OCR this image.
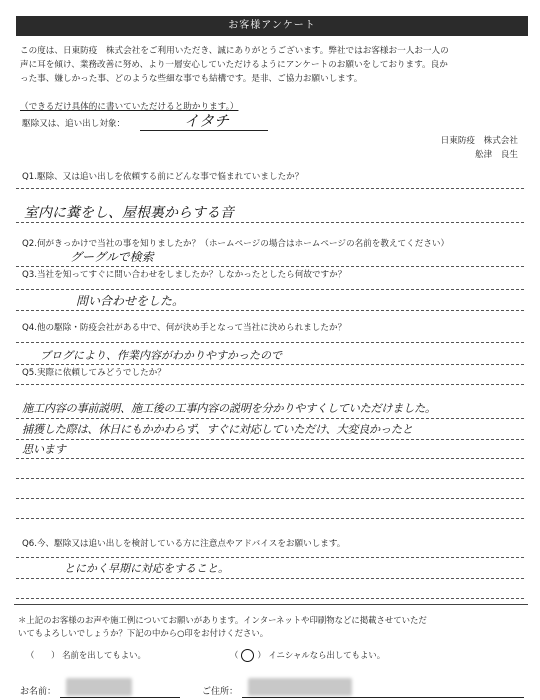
お客様アンケート
この度は、日東防疫　株式会社をご利用いただき、誠にありがとうございます。弊社ではお客様お一人お一人の
声に耳を傾け、業務改善に努め、より一層安心していただけるようにアンケートのお願いをしております。良か
った事、嫌しかった事、どのような些細な事でも結構です。是非、ご協力お願いします。
（できるだけ具体的に書いていただけると助かります。）
駆除又は、追い出し対象：	イタチ
日東防疫　株式会社
舩津　良生
Q1.駆除、又は追い出しを依頼する前にどんな事で悩まれていましたか？
室内に糞をし、屋根裏からする音
Q2.何がきっかけで当社の事を知りましたか？（ホームページの場合はホームページの名前を教えてください）
グーグルで検索
Q3.当社を知ってすぐに問い合わせをしましたか？しなかったとしたら何故ですか？
問い合わせをした。
Q4.他の駆除・防疫会社がある中で、何が決め手となって当社に決められましたか？
ブログにより、作業内容がわかりやすかったので
Q5.実際に依頼してみどうでしたか？
施工内容の事前説明、施工後の工事内容の説明を分かりやすくしていただけました。
捕獲した際は、休日にもかかわらず、すぐに対応していただけ、大変良かったと
思います
Q6.今、駆除又は追い出しを検討している方に注意点やアドバイスをお願いします。
とにかく早期に対応をすること。
＊上記のお客様のお声や施工例についてお願いがあります。インターネットや印刷物などに掲載させていただ
いてもよろしいでしょうか？下記の中から○印をお付けください。
（　　） 名前を出してもよい。	（ ） イニシャルなら出してもよい。
お名前：	ご住所：
